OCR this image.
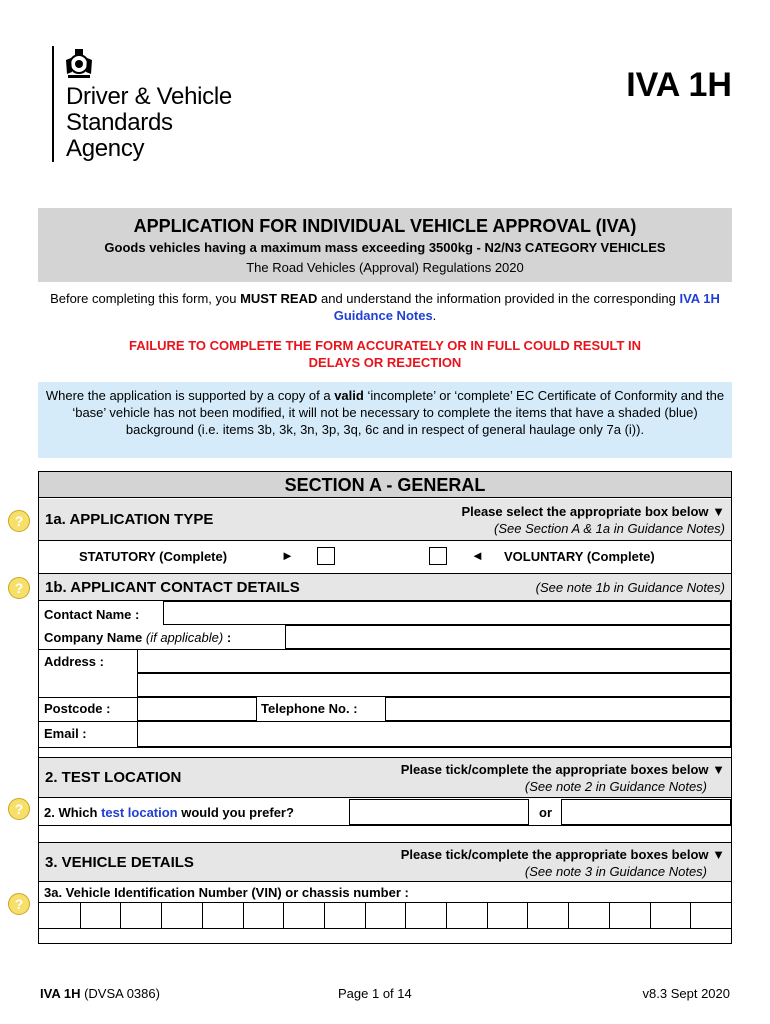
Driver & Vehicle
Standards
Agency
IVA 1H
APPLICATION FOR INDIVIDUAL VEHICLE APPROVAL (IVA)
Goods vehicles having a maximum mass exceeding 3500kg - N2/N3 CATEGORY VEHICLES
The Road Vehicles (Approval) Regulations 2020
Before completing this form, you MUST READ and understand the information provided in the corresponding IVA 1H Guidance Notes.
FAILURE TO COMPLETE THE FORM ACCURATELY OR IN FULL COULD RESULT IN
DELAYS OR REJECTION
Where the application is supported by a copy of a valid ‘incomplete’ or ‘complete’ EC Certificate of Conformity and the ‘base’ vehicle has not been modified, it will not be necessary to complete the items that have a shaded (blue) background (i.e. items 3b, 3k, 3n, 3p, 3q, 6c and in respect of general haulage only 7a (i)).
?
?
?
?
SECTION A - GENERAL
1a. APPLICATION TYPE	Please select the appropriate box below ▼
(See Section A & 1a in Guidance Notes)
STATUTORY (Complete)	►	◄ VOLUNTARY (Complete)
1b. APPLICANT CONTACT DETAILS	(See note 1b in Guidance Notes)
Contact Name :
Company Name (if applicable) :
Address :
Postcode :	Telephone No. :
Email :
2. TEST LOCATION	Please tick/complete the appropriate boxes below ▼
(See note 2 in Guidance Notes)
2. Which test location would you prefer?	or
3. VEHICLE DETAILS	Please tick/complete the appropriate boxes below ▼
(See note 3 in Guidance Notes)
3a. Vehicle Identification Number (VIN) or chassis number :
IVA 1H (DVSA 0386)	Page 1 of 14	v8.3 Sept 2020
